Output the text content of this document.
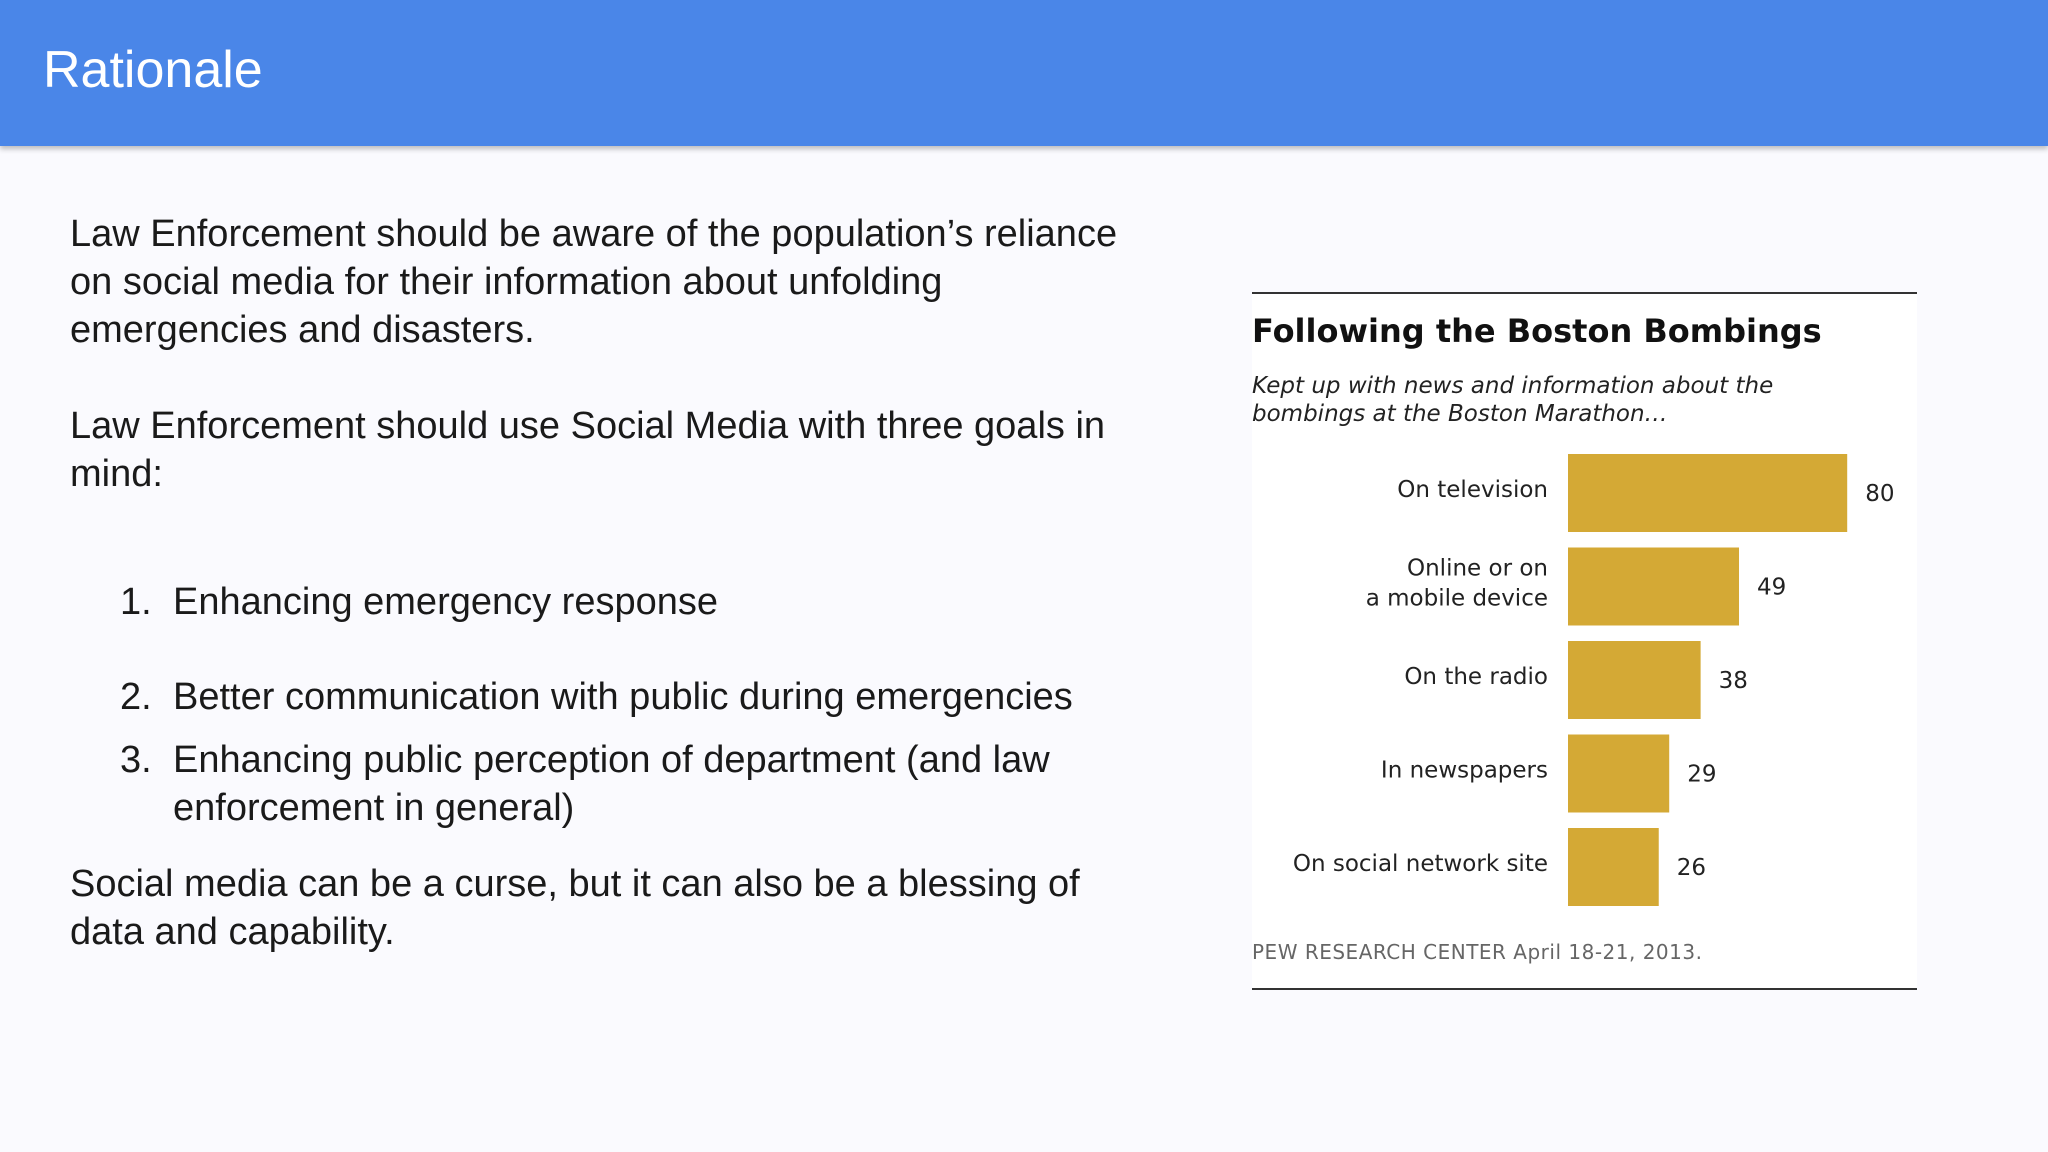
Rationale

Law Enforcement should be aware of the population’s reliance on social media for their information about unfolding emergencies and disasters.

Law Enforcement should use Social Media with three goals in mind:

1. Enhancing emergency response
2. Better communication with public during emergencies
3. Enhancing public perception of department (and law enforcement in general)

Social media can be a curse, but it can also be a blessing of data and capability.

Following the Boston Bombings
Kept up with news and information about the bombings at the Boston Marathon…
80
On television
49
Online or on a mobile device
38
On the radio
29
In newspapers
26
On social network site
PEW RESEARCH CENTER April 18-21, 2013.
